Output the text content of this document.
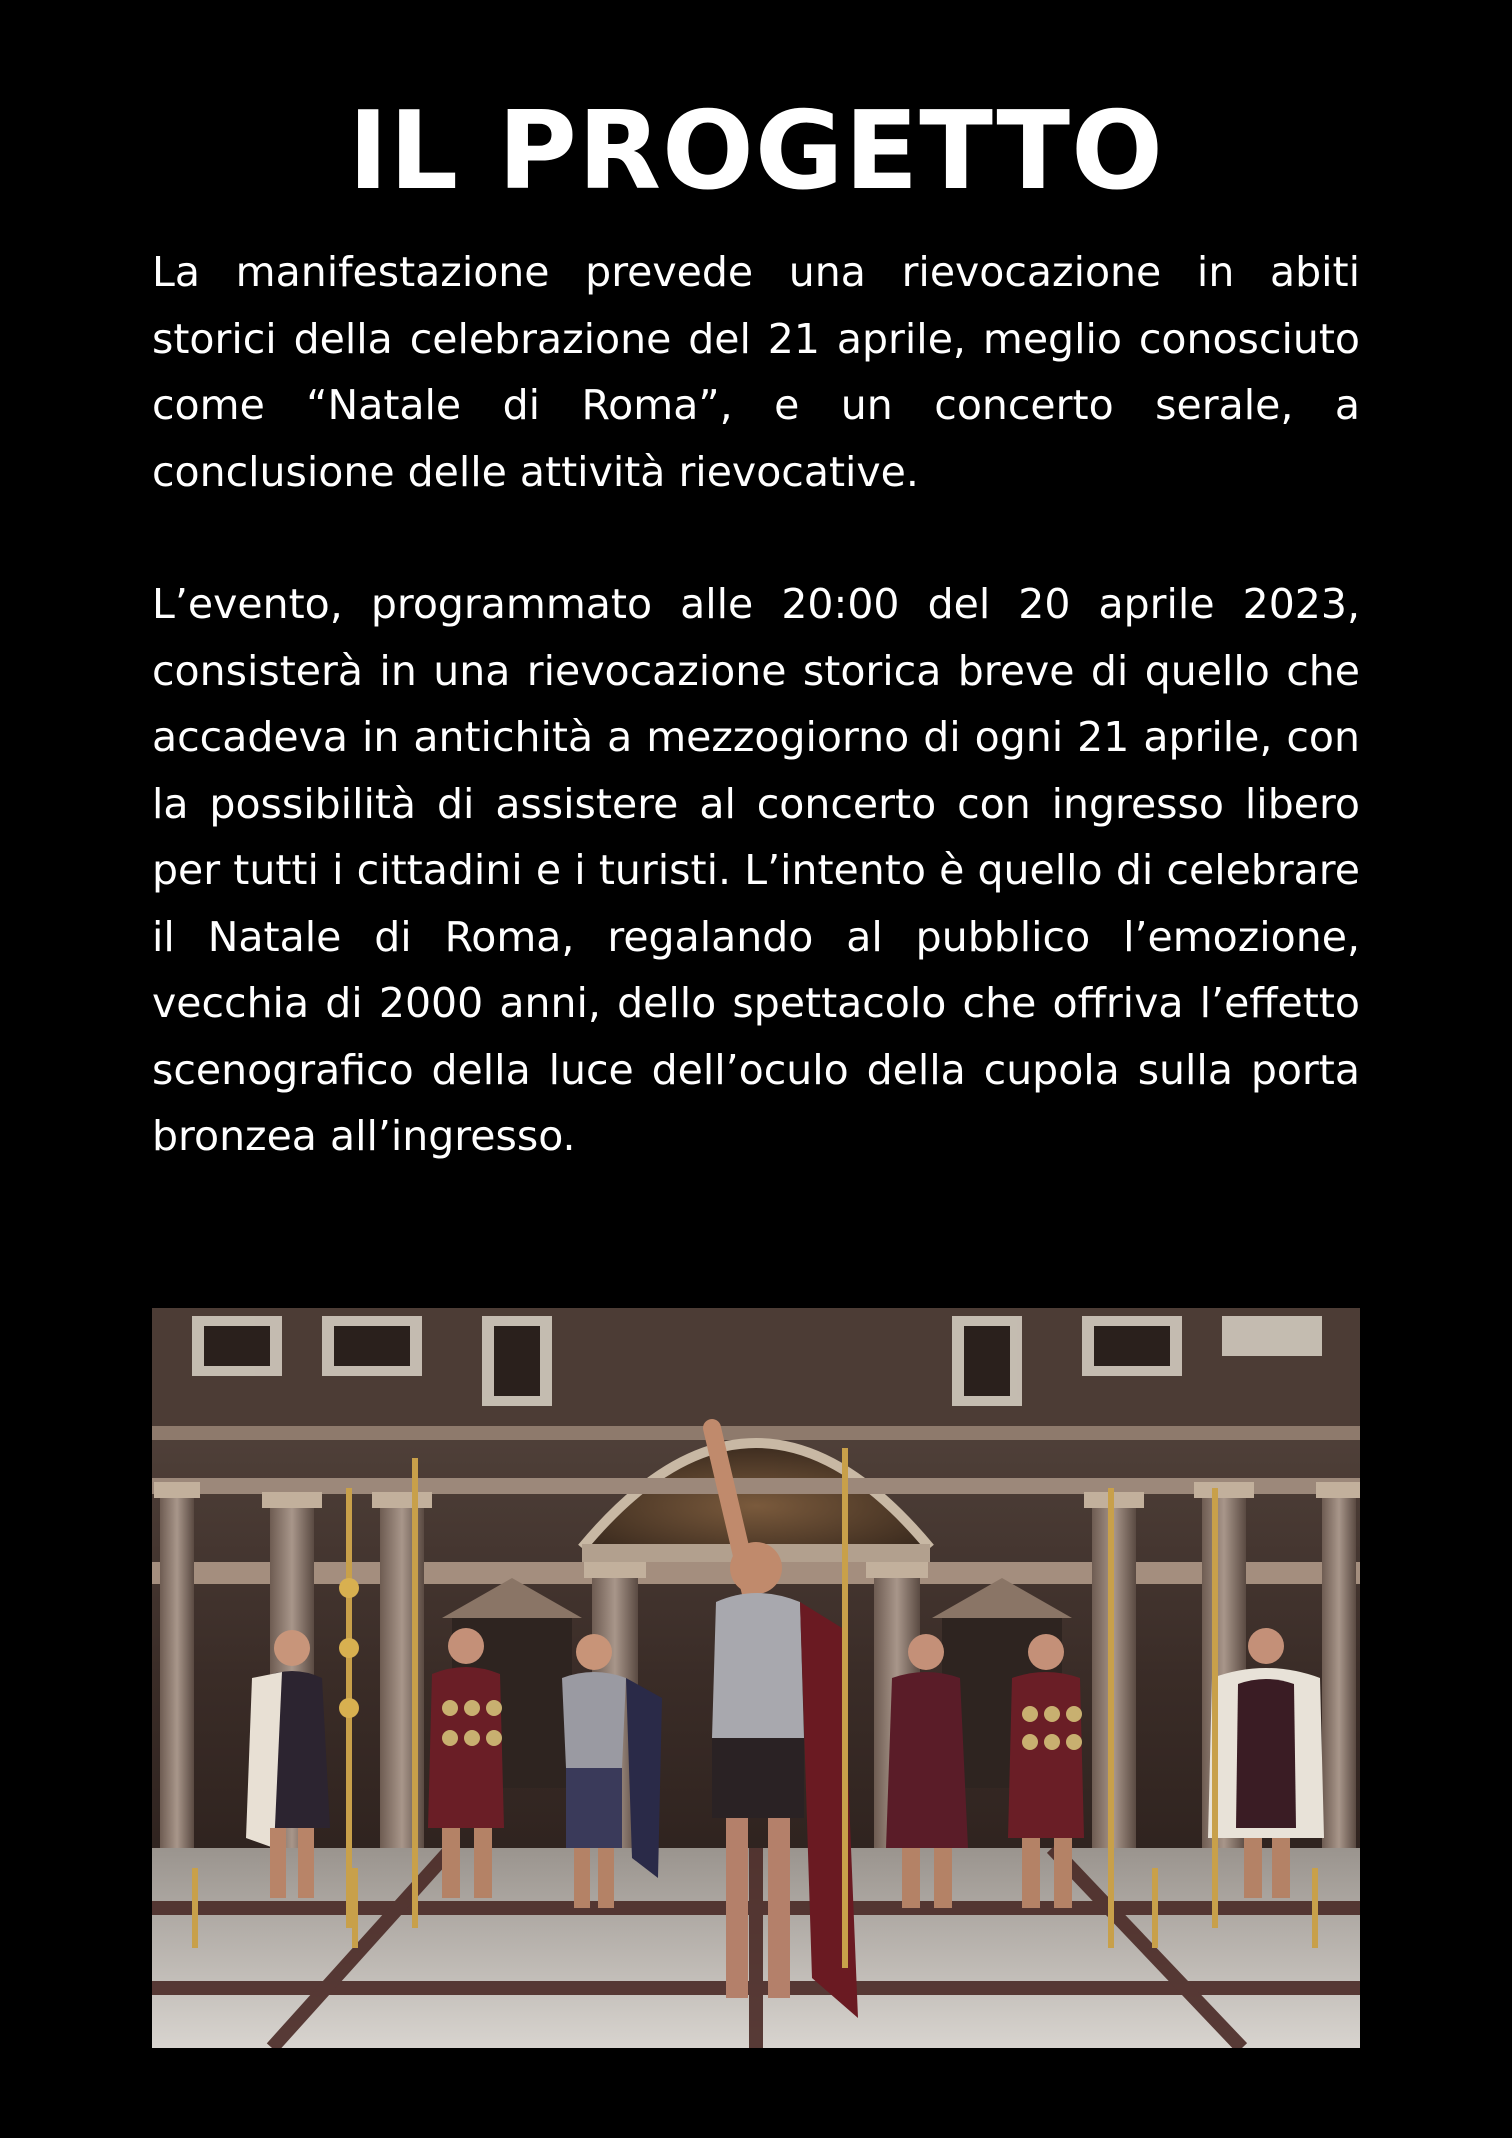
IL PROGETTO

La manifestazione prevede una rievocazione in abiti storici della celebrazione del 21 aprile, meglio conosciuto come “Natale di Roma”, e un concerto serale, a conclusione delle attività rievocative.

L’evento, programmato alle 20:00 del 20 aprile 2023, consisterà in una rievocazione storica breve di quello che accadeva in antichità a mezzogiorno di ogni 21 aprile, con la possibilità di assistere al concerto con ingresso libero per tutti i cittadini e i turisti. L’intento è quello di celebrare il Natale di Roma, regalando al pubblico l’emozione, vecchia di 2000 anni, dello spettacolo che offriva l’effetto scenografico della luce dell’oculo della cupola sulla porta bronzea all’ingresso.
